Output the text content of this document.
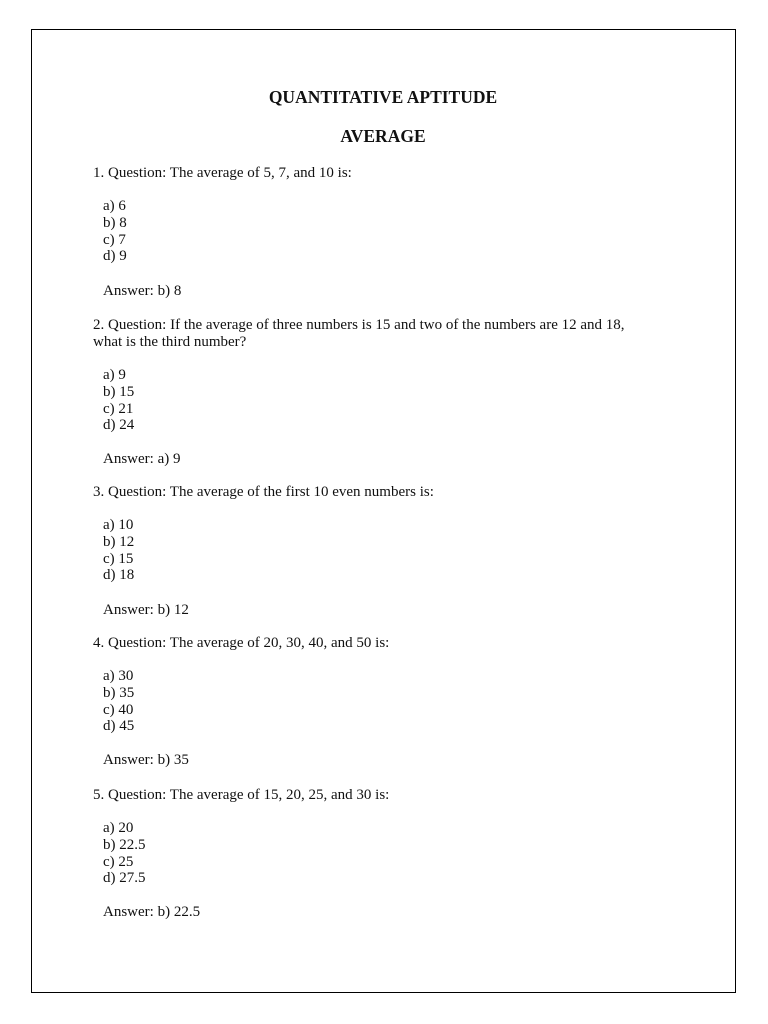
QUANTITATIVE APTITUDE
AVERAGE

1. Question: The average of 5, 7, and 10 is:

a) 6
b) 8
c) 7
d) 9

Answer: b) 8

2. Question: If the average of three numbers is 15 and two of the numbers are 12 and 18, what is the third number?

a) 9
b) 15
c) 21
d) 24

Answer: a) 9

3. Question: The average of the first 10 even numbers is:

a) 10
b) 12
c) 15
d) 18

Answer: b) 12

4. Question: The average of 20, 30, 40, and 50 is:

a) 30
b) 35
c) 40
d) 45

Answer: b) 35

5. Question: The average of 15, 20, 25, and 30 is:

a) 20
b) 22.5
c) 25
d) 27.5

Answer: b) 22.5
